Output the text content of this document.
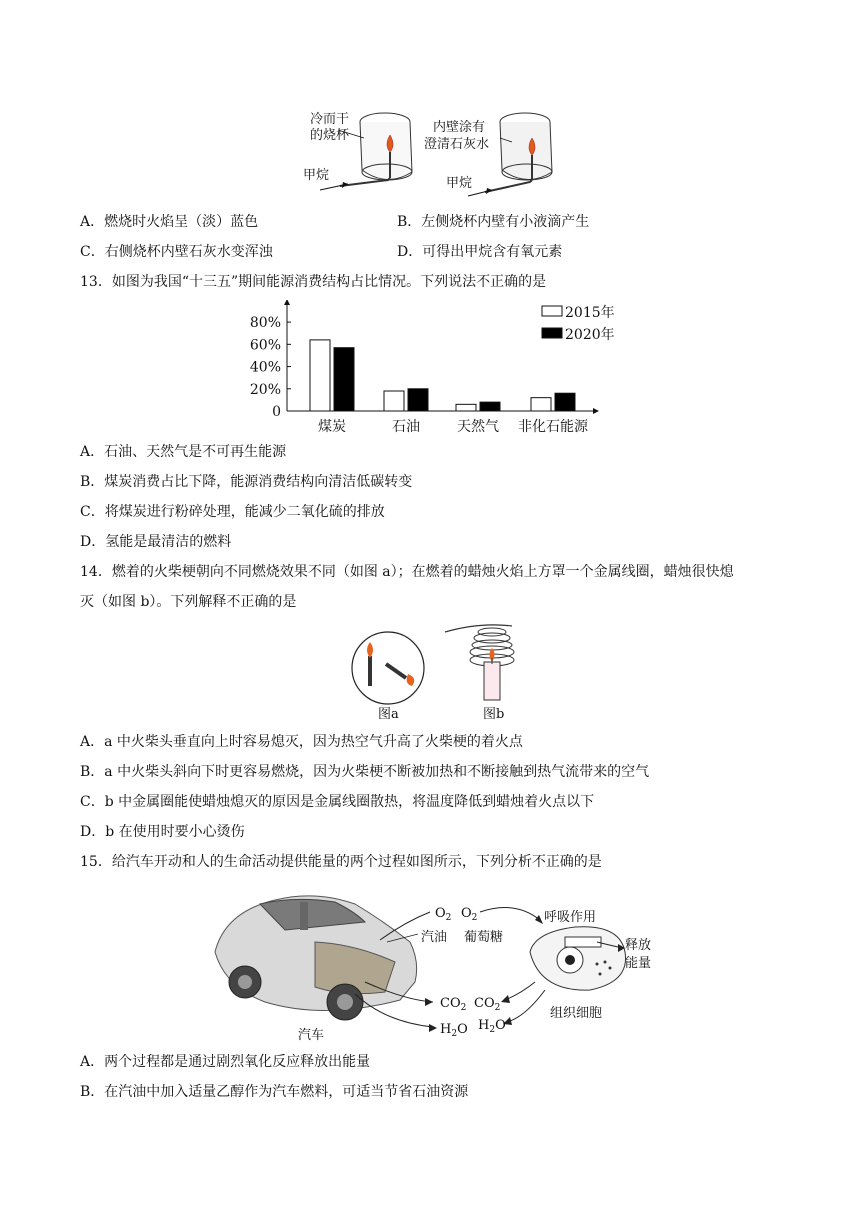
冷而干
的烧杯
内壁涂有
澄清石灰水
甲烷
甲烷
A．燃烧时火焰呈（淡）蓝色	B．左侧烧杯内壁有小液滴产生
C．右侧烧杯内壁石灰水变浑浊	D．可得出甲烷含有氧元素
13．如图为我国“十三五”期间能源消费结构占比情况。下列说法不正确的是
0
20%
40%
60%
80%
煤炭	石油	天然气 非化石能源
2015年
2020年
A．石油、天然气是不可再生能源
B．煤炭消费占比下降，能源消费结构向清洁低碳转变
C．将煤炭进行粉碎处理，能减少二氧化硫的排放
D．氢能是最清洁的燃料
14．燃着的火柴梗朝向不同燃烧效果不同（如图 a）；在燃着的蜡烛火焰上方罩一个金属线圈，蜡烛很快熄
灭（如图 b）。下列解释不正确的是
图a	图b
A．a 中火柴头垂直向上时容易熄灭，因为热空气升高了火柴梗的着火点
B．a 中火柴头斜向下时更容易燃烧，因为火柴梗不断被加热和不断接触到热气流带来的空气
C．b 中金属圈能使蜡烛熄灭的原因是金属线圈散热，将温度降低到蜡烛着火点以下
D．b 在使用时要小心烫伤
15．给汽车开动和人的生命活动提供能量的两个过程如图所示，下列分析不正确的是
$O_2$ $O_2$	呼吸作用
汽油 葡萄糖
释放
能量
$CO_2$ $CO_2$
$H_2O$ $H_2O$
组织细胞
汽车
A．两个过程都是通过剧烈氧化反应释放出能量
B．在汽油中加入适量乙醇作为汽车燃料，可适当节省石油资源
